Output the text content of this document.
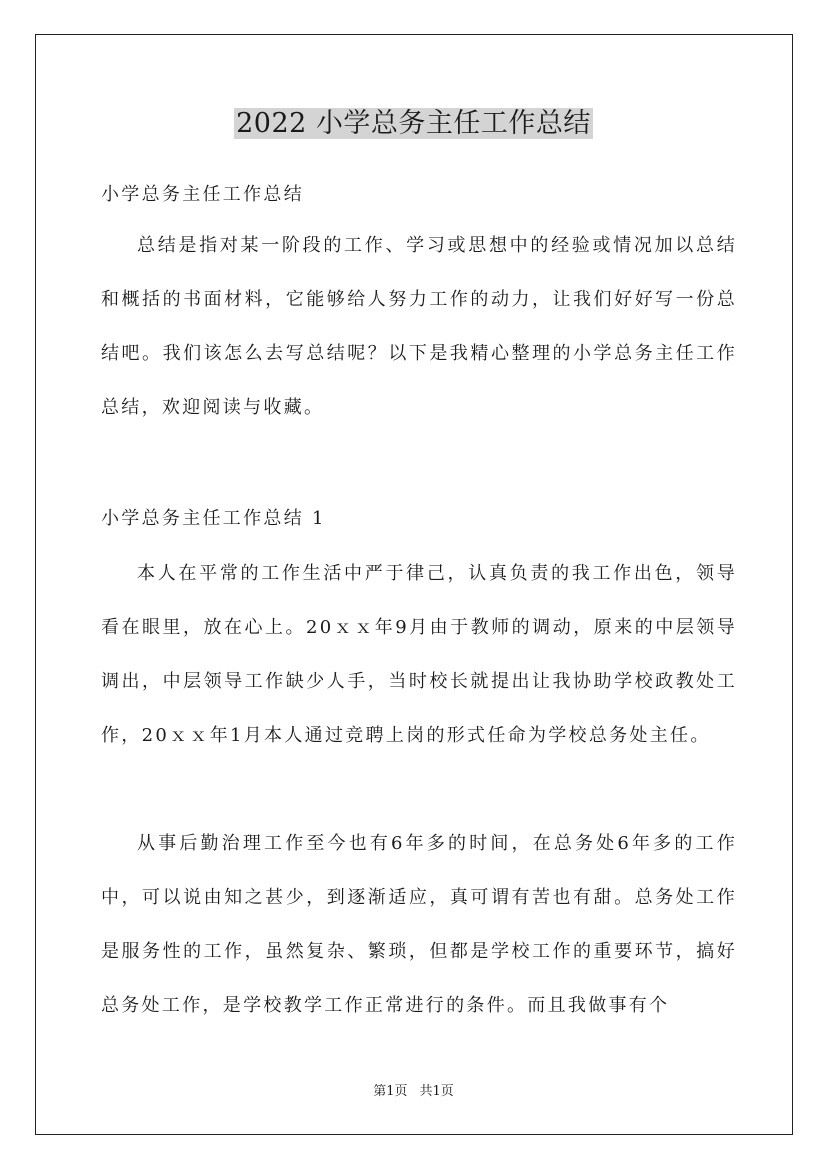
2022 小学总务主任工作总结

小学总务主任工作总结

总结是指对某一阶段的工作、学习或思想中的经验或情况加以总结和概括的书面材料，它能够给人努力工作的动力，让我们好好写一份总结吧。我们该怎么去写总结呢？以下是我精心整理的小学总务主任工作总结，欢迎阅读与收藏。

小学总务主任工作总结 1

本人在平常的工作生活中严于律己，认真负责的我工作出色，领导看在眼里，放在心上。20ｘｘ年9月由于教师的调动，原来的中层领导调出，中层领导工作缺少人手，当时校长就提出让我协助学校政教处工作，20ｘｘ年1月本人通过竞聘上岗的形式任命为学校总务处主任。

从事后勤治理工作至今也有6年多的时间，在总务处6年多的工作中，可以说由知之甚少，到逐渐适应，真可谓有苦也有甜。总务处工作是服务性的工作，虽然复杂、繁琐，但都是学校工作的重要环节，搞好总务处工作，是学校教学工作正常进行的条件。而且我做事有个

第1页 共1页
